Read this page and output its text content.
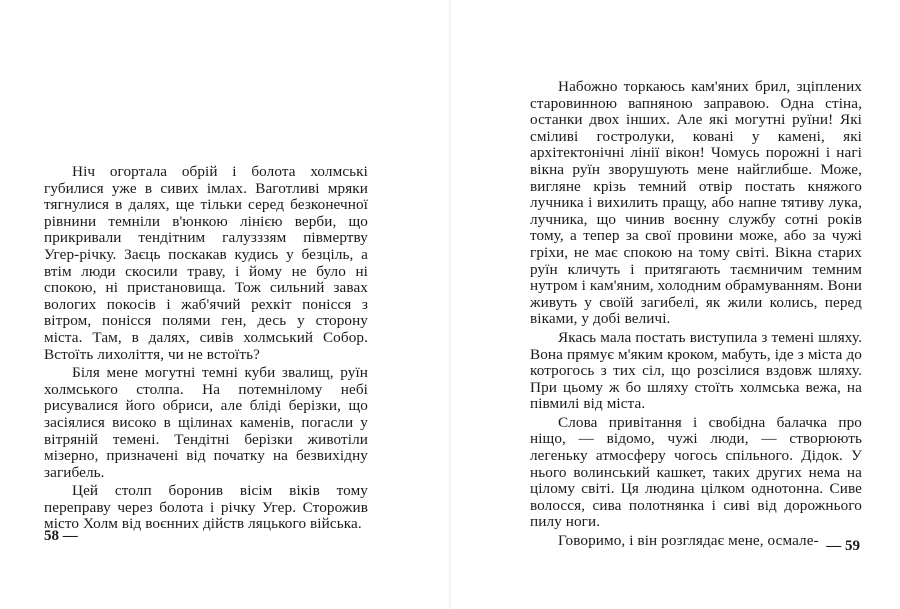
Ніч огортала обрій і болота холмські губилися уже в сивих імлах. Ваготливі мряки тягнулися в далях, ще тільки серед безконечної рівнини темніли в'юнкою лінією верби, що прикривали тендітним галузззям півмертву Угер-річку. Заєць поскакав кудись у безціль, а втім люди скосили траву, і йому не було ні спокою, ні пристановища. Тож сильний завах вологих покосів і жаб'ячий рехкіт понісся з вітром, понісся полями ген, десь у сторону міста. Там, в далях, сивів холмський Собор. Встоїть лихоліття, чи не встоїть?

Біля мене могутні темні куби звалищ, руїн холмського столпа. На потемнілому небі рисувалися його обриси, але бліді берізки, що засіялися високо в щілинах каменів, погасли у вітряній темені. Тендітні берізки животіли мізерно, призначені від початку на безвихідну загибель.

Цей столп боронив вісім віків тому переправу через болота і річку Угер. Сторожив місто Холм від воєнних дійств ляцького війська.

58 —

Набожно торкаюсь кам'яних брил, зціплених старовинною вапняною заправою. Одна стіна, останки двох інших. Але які могутні руїни! Які сміливі гостролуки, ковані у камені, які архітектонічні лінії вікон! Чомусь порожні і нагі вікна руїн зворушують мене найглибше. Може, вигляне крізь темний отвір постать княжого лучника і вихилить пращу, або напне тятиву лука, лучника, що чинив воєнну службу сотні років тому, а тепер за свої провини може, або за чужі гріхи, не має спокою на тому світі. Вікна старих руїн кличуть і притягають таємничим темним нутром і кам'яним, холодним обрамуванням. Вони живуть у своїй загибелі, як жили колись, перед віками, у добі величі.

Якась мала постать виступила з темені шляху. Вона прямує м'яким кроком, мабуть, іде з міста до котрогось з тих сіл, що розсілися вздовж шляху. При цьому ж бо шляху стоїть холмська вежа, на півмилі від міста.

Слова привітання і свобідна балачка про ніщо, — відомо, чужі люди, — створюють легеньку атмосферу чогось спільного. Дідок. У нього волинський кашкет, таких других нема на цілому світі. Ця людина цілком однотонна. Сиве волосся, сива полотнянка і сиві від дорожнього пилу ноги.

Говоримо, і він розглядає мене, осмале- — 59
